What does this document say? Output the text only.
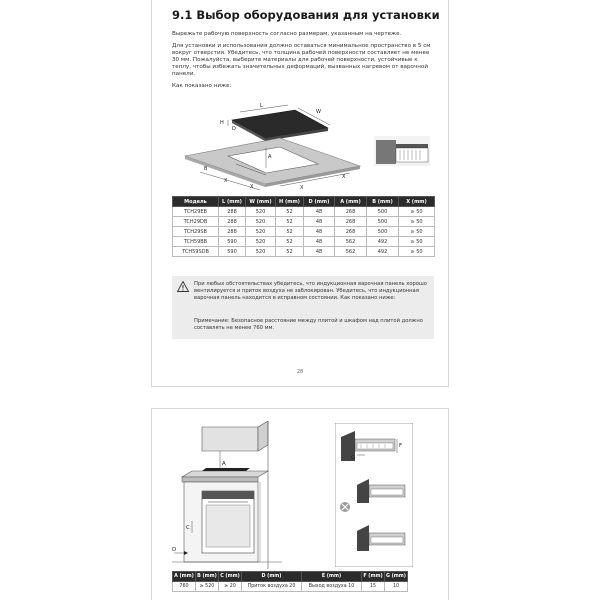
9.1 Выбор оборудования для установки
Вырежьте рабочую поверхность согласно размерам, указанным на чертеже.
Для установки и использования должно оставаться минимальное пространство в 5 см вокруг отверстия. Убедитесь, что толщина рабочей поверхности составляет не менее 30 мм. Пожалуйста, выберите материалы для рабочей поверхности, устойчивые к теплу, чтобы избежать значительных деформаций, вызванных нагревом от варочной панели.
Как показано ниже:
L
W
H
D
A
B
X
X	X
X
Модель	L (mm)	W (mm)	H (mm)	D (mm)	A (mm)	B (mm)	X (mm)
TCH29EB	288	520	52	48	268	500	≥ 50
TCH29DB	288	520	52	48	268	500	≥ 50
TCH29SB	288	520	52	48	268	500	≥ 50
TCH59BB	590	520	52	48	562	492	≥ 50
TCH59SDB	590	520	52	48	562	492	≥ 50
При любых обстоятельствах убедитесь, что индукционная варочная панель хорошо вентилируется и приток воздуха не заблокирован. Убедитесь, что индукционная варочная панель находится в исправном состоянии. Как показано ниже:
Примечание: Безопасное расстояние между плитой и шкафом над плитой должно составлять не менее 760 мм.
28
A
C
D
F
G
A (mm)	B (mm)	C (mm)	D (mm)	E (mm)	F (mm)	G (mm)
760	≥ 520	≥ 20	Приток воздуха 20	Выход воздуха 10	15	10
